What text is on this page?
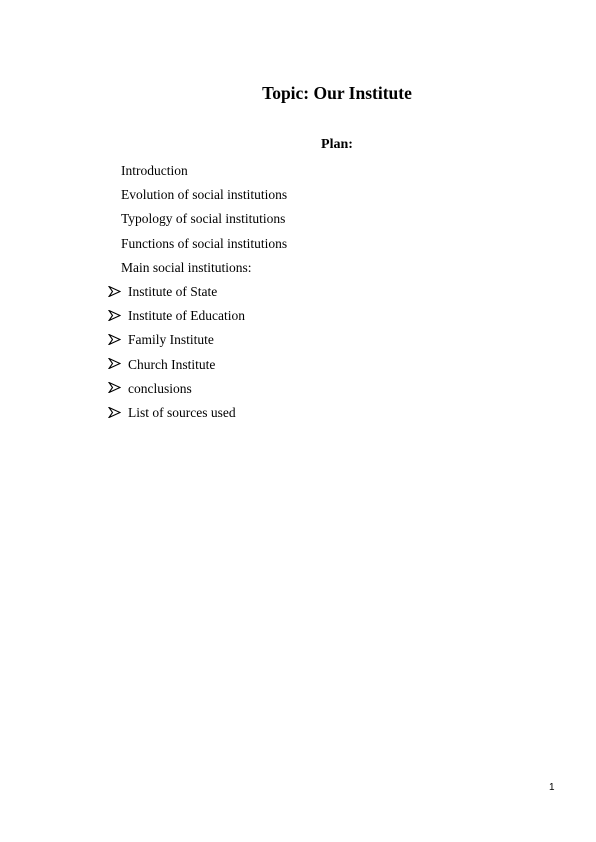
Topic: Our Institute
Plan:
Introduction
Evolution of social institutions
Typology of social institutions
Functions of social institutions
Main social institutions:
Institute of State
Institute of Education
Family Institute
Church Institute
conclusions
List of sources used
1
